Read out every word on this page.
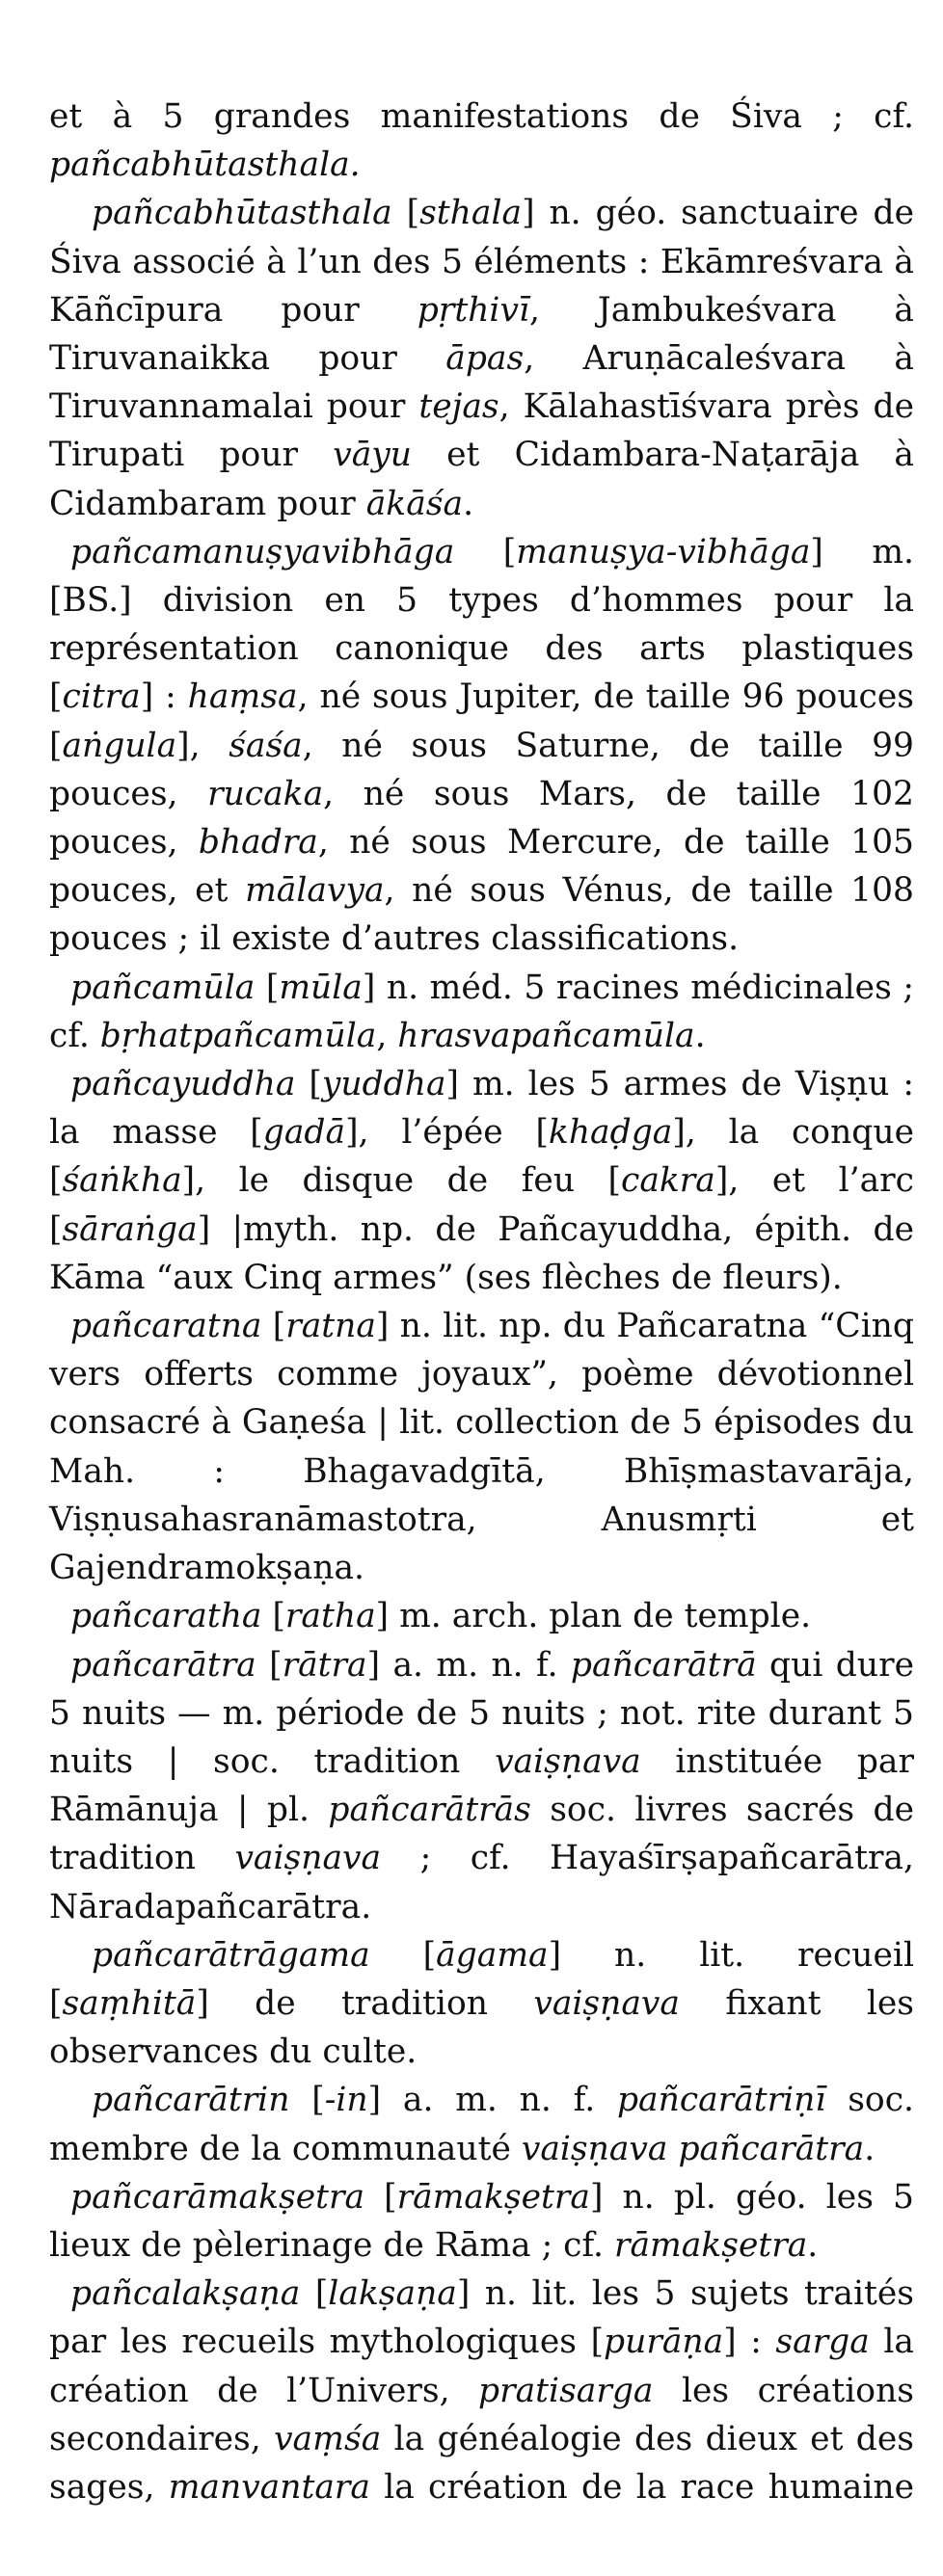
et à 5 grandes manifestations de Śiva ; cf. pañcabhūtasthala.

pañcabhūtasthala [sthala] n. géo. sanctuaire de Śiva associé à l’un des 5 éléments : Ekāmreśvara à Kāñcīpura pour pṛthivī, Jambukeśvara à Tiruvanaikka pour āpas, Aruṇācaleśvara à Tiruvannamalai pour tejas, Kālahastīśvara près de Tirupati pour vāyu et Cidambara-Naṭarāja à Cidambaram pour ākāśa.

pañcamanuṣyavibhāga [manuṣya-vibhāga] m. [BS.] division en 5 types d’hommes pour la représentation canonique des arts plastiques [citra] : haṃsa, né sous Jupiter, de taille 96 pouces [aṅgula], śaśa, né sous Saturne, de taille 99 pouces, rucaka, né sous Mars, de taille 102 pouces, bhadra, né sous Mercure, de taille 105 pouces, et mālavya, né sous Vénus, de taille 108 pouces ; il existe d’autres classifications.

pañcamūla [mūla] n. méd. 5 racines médicinales ; cf. bṛhatpañcamūla, hrasvapañcamūla.

pañcayuddha [yuddha] m. les 5 armes de Viṣṇu : la masse [gadā], l’épée [khaḍga], la conque [śaṅkha], le disque de feu [cakra], et l’arc [sāraṅga] |myth. np. de Pañcayuddha, épith. de Kāma “aux Cinq armes” (ses flèches de fleurs).

pañcaratna [ratna] n. lit. np. du Pañcaratna “Cinq vers offerts comme joyaux”, poème dévotionnel consacré à Gaṇeśa | lit. collection de 5 épisodes du Mah. : Bhagavadgītā, Bhīṣmastavarāja, Viṣṇusahasranāmastotra, Anusmṛti et Gajendramokṣaṇa.

pañcaratha [ratha] m. arch. plan de temple.

pañcarātra [rātra] a. m. n. f. pañcarātrā qui dure 5 nuits — m. période de 5 nuits ; not. rite durant 5 nuits | soc. tradition vaiṣṇava instituée par Rāmānuja | pl. pañcarātrās soc. livres sacrés de tradition vaiṣṇava ; cf. Hayaśīrṣapañcarātra, Nāradapañcarātra.

pañcarātrāgama [āgama] n. lit. recueil [saṃhitā] de tradition vaiṣṇava fixant les observances du culte.

pañcarātrin [-in] a. m. n. f. pañcarātriṇī soc. membre de la communauté vaiṣṇava pañcarātra.

pañcarāmakṣetra [rāmakṣetra] n. pl. géo. les 5 lieux de pèlerinage de Rāma ; cf. rāmakṣetra.

pañcalakṣaṇa [lakṣaṇa] n. lit. les 5 sujets traités par les recueils mythologiques [purāṇa] : sarga la création de l’Univers, pratisarga les créations secondaires, vaṃśa la généalogie des dieux et des sages, manvantara la création de la race humaine
